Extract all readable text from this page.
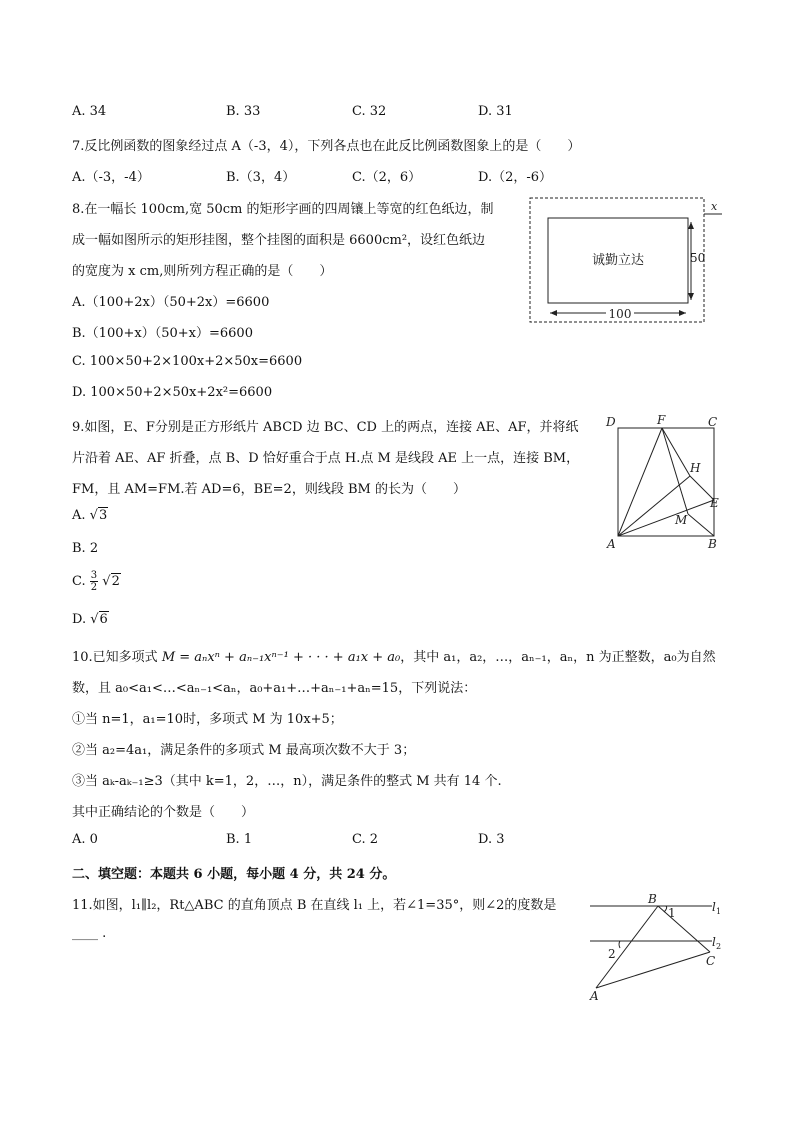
A. 34	B. 33	C. 32	D. 31
7.反比例函数的图象经过点 A（-3，4），下列各点也在此反比例函数图象上的是（　　）
A.（-3，-4）	B.（3，4）	C.（2，6）	D.（2，-6）
8.在一幅长 100cm,宽 50cm 的矩形字画的四周镶上等宽的红色纸边，制
成一幅如图所示的矩形挂图，整个挂图的面积是 6600cm²，设红色纸边
的宽度为 x cm,则所列方程正确的是（　　）
A.（100+2x）（50+2x）=6600
B.（100+x）（50+x）=6600
C. 100×50+2×100x+2×50x=6600
D. 100×50+2×50x+2x²=6600
诚勤立达
x
50
100
9.如图，E、F分别是正方形纸片 ABCD 边 BC、CD 上的两点，连接 AE、AF，并将纸
片沿着 AE、AF 折叠，点 B、D 恰好重合于点 H.点 M 是线段 AE 上一点，连接 BM，
FM，且 AM=FM.若 AD=6，BE=2，则线段 BM 的长为（　　）
A. √3
B. 2
C. $\frac{3}{2} √2$
D. √6
D	F	C
H
E
M
A	B
10.已知多项式 M = aₙxⁿ + aₙ₋₁xⁿ⁻¹ + · · · + a₁x + a₀，其中 a₁，a₂，…，aₙ₋₁，aₙ，n 为正整数，a₀为自然
数，且 a₀<a₁<…<aₙ₋₁<aₙ，a₀+a₁+…+aₙ₋₁+aₙ=15，下列说法：
①当 n=1，a₁=10时，多项式 M 为 10x+5；
②当 a₂=4a₁，满足条件的多项式 M 最高项次数不大于 3；
③当 aₖ-aₖ₋₁≥3（其中 k=1，2，…，n），满足条件的整式 M 共有 14 个.
其中正确结论的个数是（　　）
A. 0	B. 1	C. 2	D. 3
二、填空题：本题共 6 小题，每小题 4 分，共 24 分。
11.如图，l₁∥l₂，Rt△ABC 的直角顶点 B 在直线 l₁ 上，若∠1=35°，则∠2的度数是
____ .
B
1	l 1
2
l 2
C
A
